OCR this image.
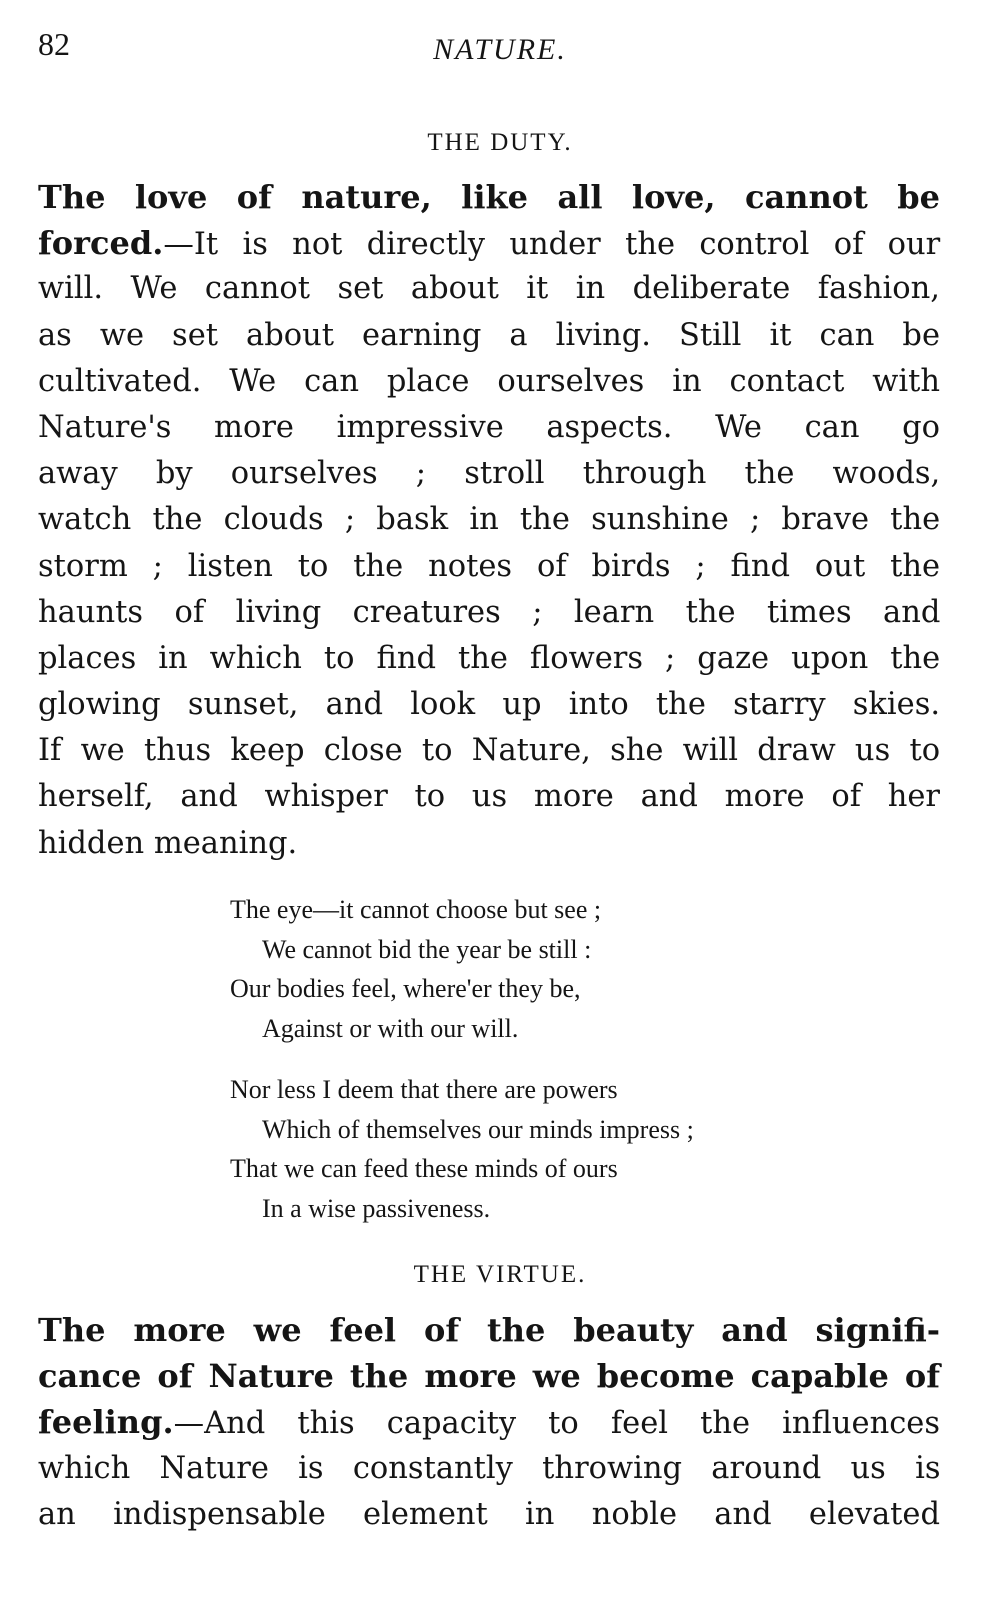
82	NATURE.
THE DUTY.
The love of nature, like all love, cannot be
forced.—It is not directly under the control of our
will. We cannot set about it in deliberate fashion,
as we set about earning a living. Still it can be
cultivated. We can place ourselves in contact with
Nature's more impressive aspects. We can go
away by ourselves ; stroll through the woods,
watch the clouds ; bask in the sunshine ; brave the
storm ; listen to the notes of birds ; find out the
haunts of living creatures ; learn the times and
places in which to find the flowers ; gaze upon the
glowing sunset, and look up into the starry skies.
If we thus keep close to Nature, she will draw us to
herself, and whisper to us more and more of her
hidden meaning.
The eye—it cannot choose but see ;
We cannot bid the year be still :
Our bodies feel, where'er they be,
Against or with our will.
Nor less I deem that there are powers
Which of themselves our minds impress ;
That we can feed these minds of ours
In a wise passiveness.
THE VIRTUE.
The more we feel of the beauty and signifi-
cance of Nature the more we become capable of
feeling.—And this capacity to feel the influences
which Nature is constantly throwing around us is
an indispensable element in noble and elevated
